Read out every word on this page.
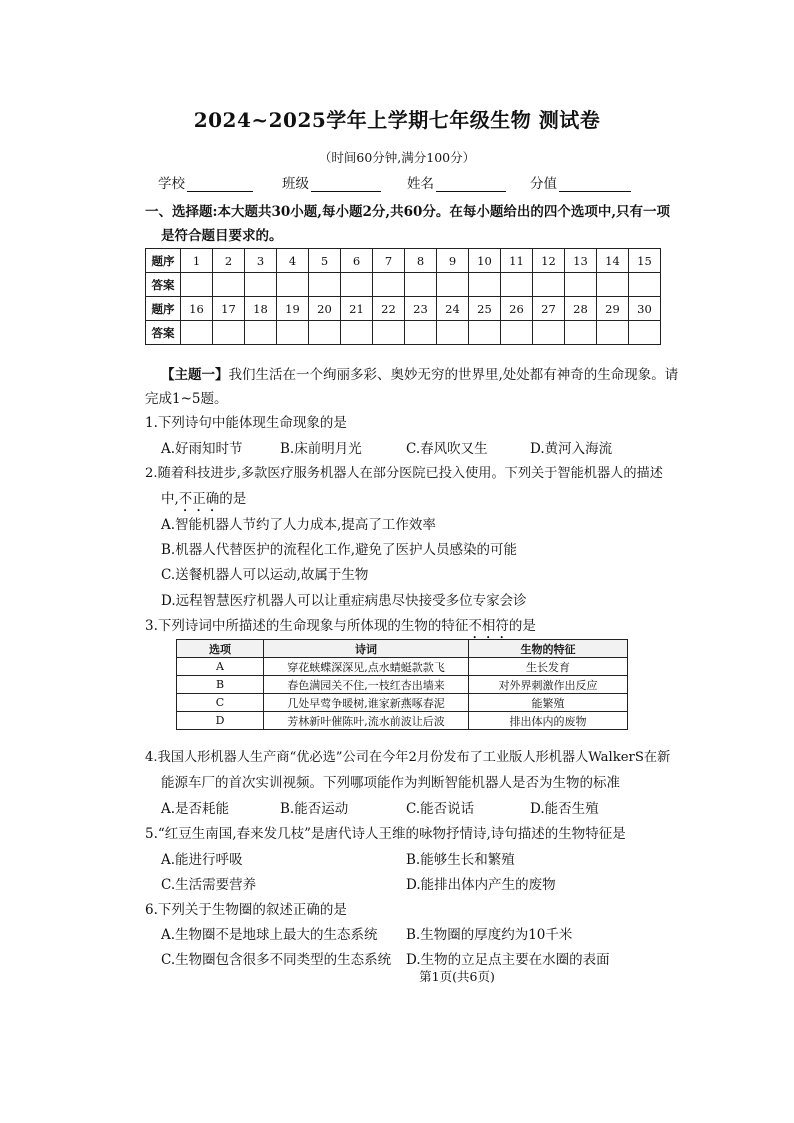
2024~2025学年上学期七年级生物 测试卷
（时间60分钟,满分100分）
学校	班级	姓名	分值
一、选择题:本大题共30小题,每小题2分,共60分。在每小题给出的四个选项中,只有一项
是符合题目要求的。
题序	1	2	3	4	5	6	7	8	9	10	11	12	13	14	15
答案															
题序	16	17	18	19	20	21	22	23	24	25	26	27	28	29	30
答案															
【主题一】我们生活在一个绚丽多彩、奥妙无穷的世界里,处处都有神奇的生命现象。请
完成1~5题。
1.下列诗句中能体现生命现象的是
A.好雨知时节	B.床前明月光	C.春风吹又生	D.黄河入海流
2.随着科技进步,多款医疗服务机器人在部分医院已投入使用。下列关于智能机器人的描述
中,不正确的是
A.智能机器人节约了人力成本,提高了工作效率
B.机器人代替医护的流程化工作,避免了医护人员感染的可能
C.送餐机器人可以运动,故属于生物
D.远程智慧医疗机器人可以让重症病患尽快接受多位专家会诊
3.下列诗词中所描述的生命现象与所体现的生物的特征不相符的是
选项	诗词	生物的特征
A	穿花蛱蝶深深见,点水蜻蜓款款飞	生长发育
B	春色满园关不住,一枝红杏出墙来	对外界刺激作出反应
C	几处早莺争暖树,谁家新燕啄春泥	能繁殖
D	芳林新叶催陈叶,流水前波让后波	排出体内的废物
4.我国人形机器人生产商“优必选”公司在今年2月份发布了工业版人形机器人WalkerS在新
能源车厂的首次实训视频。下列哪项能作为判断智能机器人是否为生物的标准
A.是否耗能	B.能否运动	C.能否说话	D.能否生殖
5.“红豆生南国,春来发几枝”是唐代诗人王维的咏物抒情诗,诗句描述的生物特征是
A.能进行呼吸	B.能够生长和繁殖
C.生活需要营养	D.能排出体内产生的废物
6.下列关于生物圈的叙述正确的是
A.生物圈不是地球上最大的生态系统 B.生物圈的厚度约为10千米
C.生物圈包含很多不同类型的生态系统 D.生物的立足点主要在水圈的表面
第1页(共6页)
